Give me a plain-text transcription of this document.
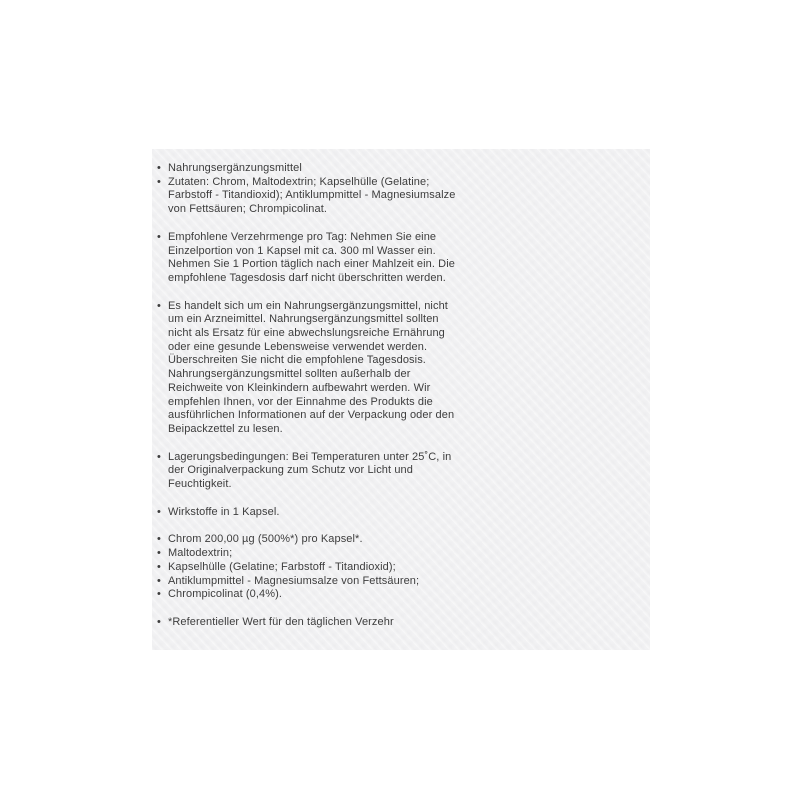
• Nahrungsergänzungsmittel
• Zutaten: Chrom, Maltodextrin; Kapselhülle (Gelatine; Farbstoff - Titandioxid); Antiklumpmittel - Magnesiumsalze von Fettsäuren; Chrompicolinat.
• Empfohlene Verzehrmenge pro Tag: Nehmen Sie eine Einzelportion von 1 Kapsel mit ca. 300 ml Wasser ein. Nehmen Sie 1 Portion täglich nach einer Mahlzeit ein. Die empfohlene Tagesdosis darf nicht überschritten werden.
• Es handelt sich um ein Nahrungsergänzungsmittel, nicht um ein Arzneimittel. Nahrungsergänzungsmittel sollten nicht als Ersatz für eine abwechslungsreiche Ernährung oder eine gesunde Lebensweise verwendet werden. Überschreiten Sie nicht die empfohlene Tagesdosis. Nahrungsergänzungsmittel sollten außerhalb der Reichweite von Kleinkindern aufbewahrt werden. Wir empfehlen Ihnen, vor der Einnahme des Produkts die ausführlichen Informationen auf der Verpackung oder den Beipackzettel zu lesen.
• Lagerungsbedingungen: Bei Temperaturen unter 25˚C, in der Originalverpackung zum Schutz vor Licht und Feuchtigkeit.
• Wirkstoffe in 1 Kapsel.
• Chrom 200,00 µg (500%*) pro Kapsel*.
• Maltodextrin;
• Kapselhülle (Gelatine; Farbstoff - Titandioxid);
• Antiklumpmittel - Magnesiumsalze von Fettsäuren;
• Chrompicolinat (0,4%).
• *Referentieller Wert für den täglichen Verzehr
